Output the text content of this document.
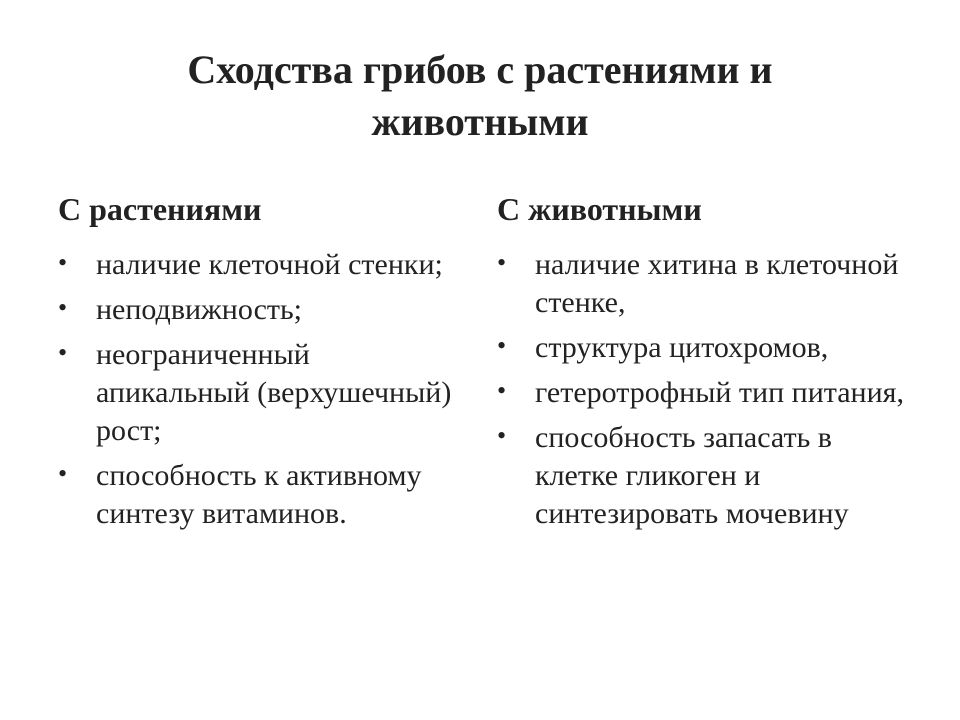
Сходства грибов с растениями и
животными
С растениями
• наличие клеточной стенки;
• неподвижность;
• неограниченный апикальный (верхушечный) рост;
• способность к активному синтезу витаминов.
С животными
• наличие хитина в клеточной стенке,
• структура цитохромов,
• гетеротрофный тип питания,
• способность запасать в клетке гликоген и синтезировать мочевину
